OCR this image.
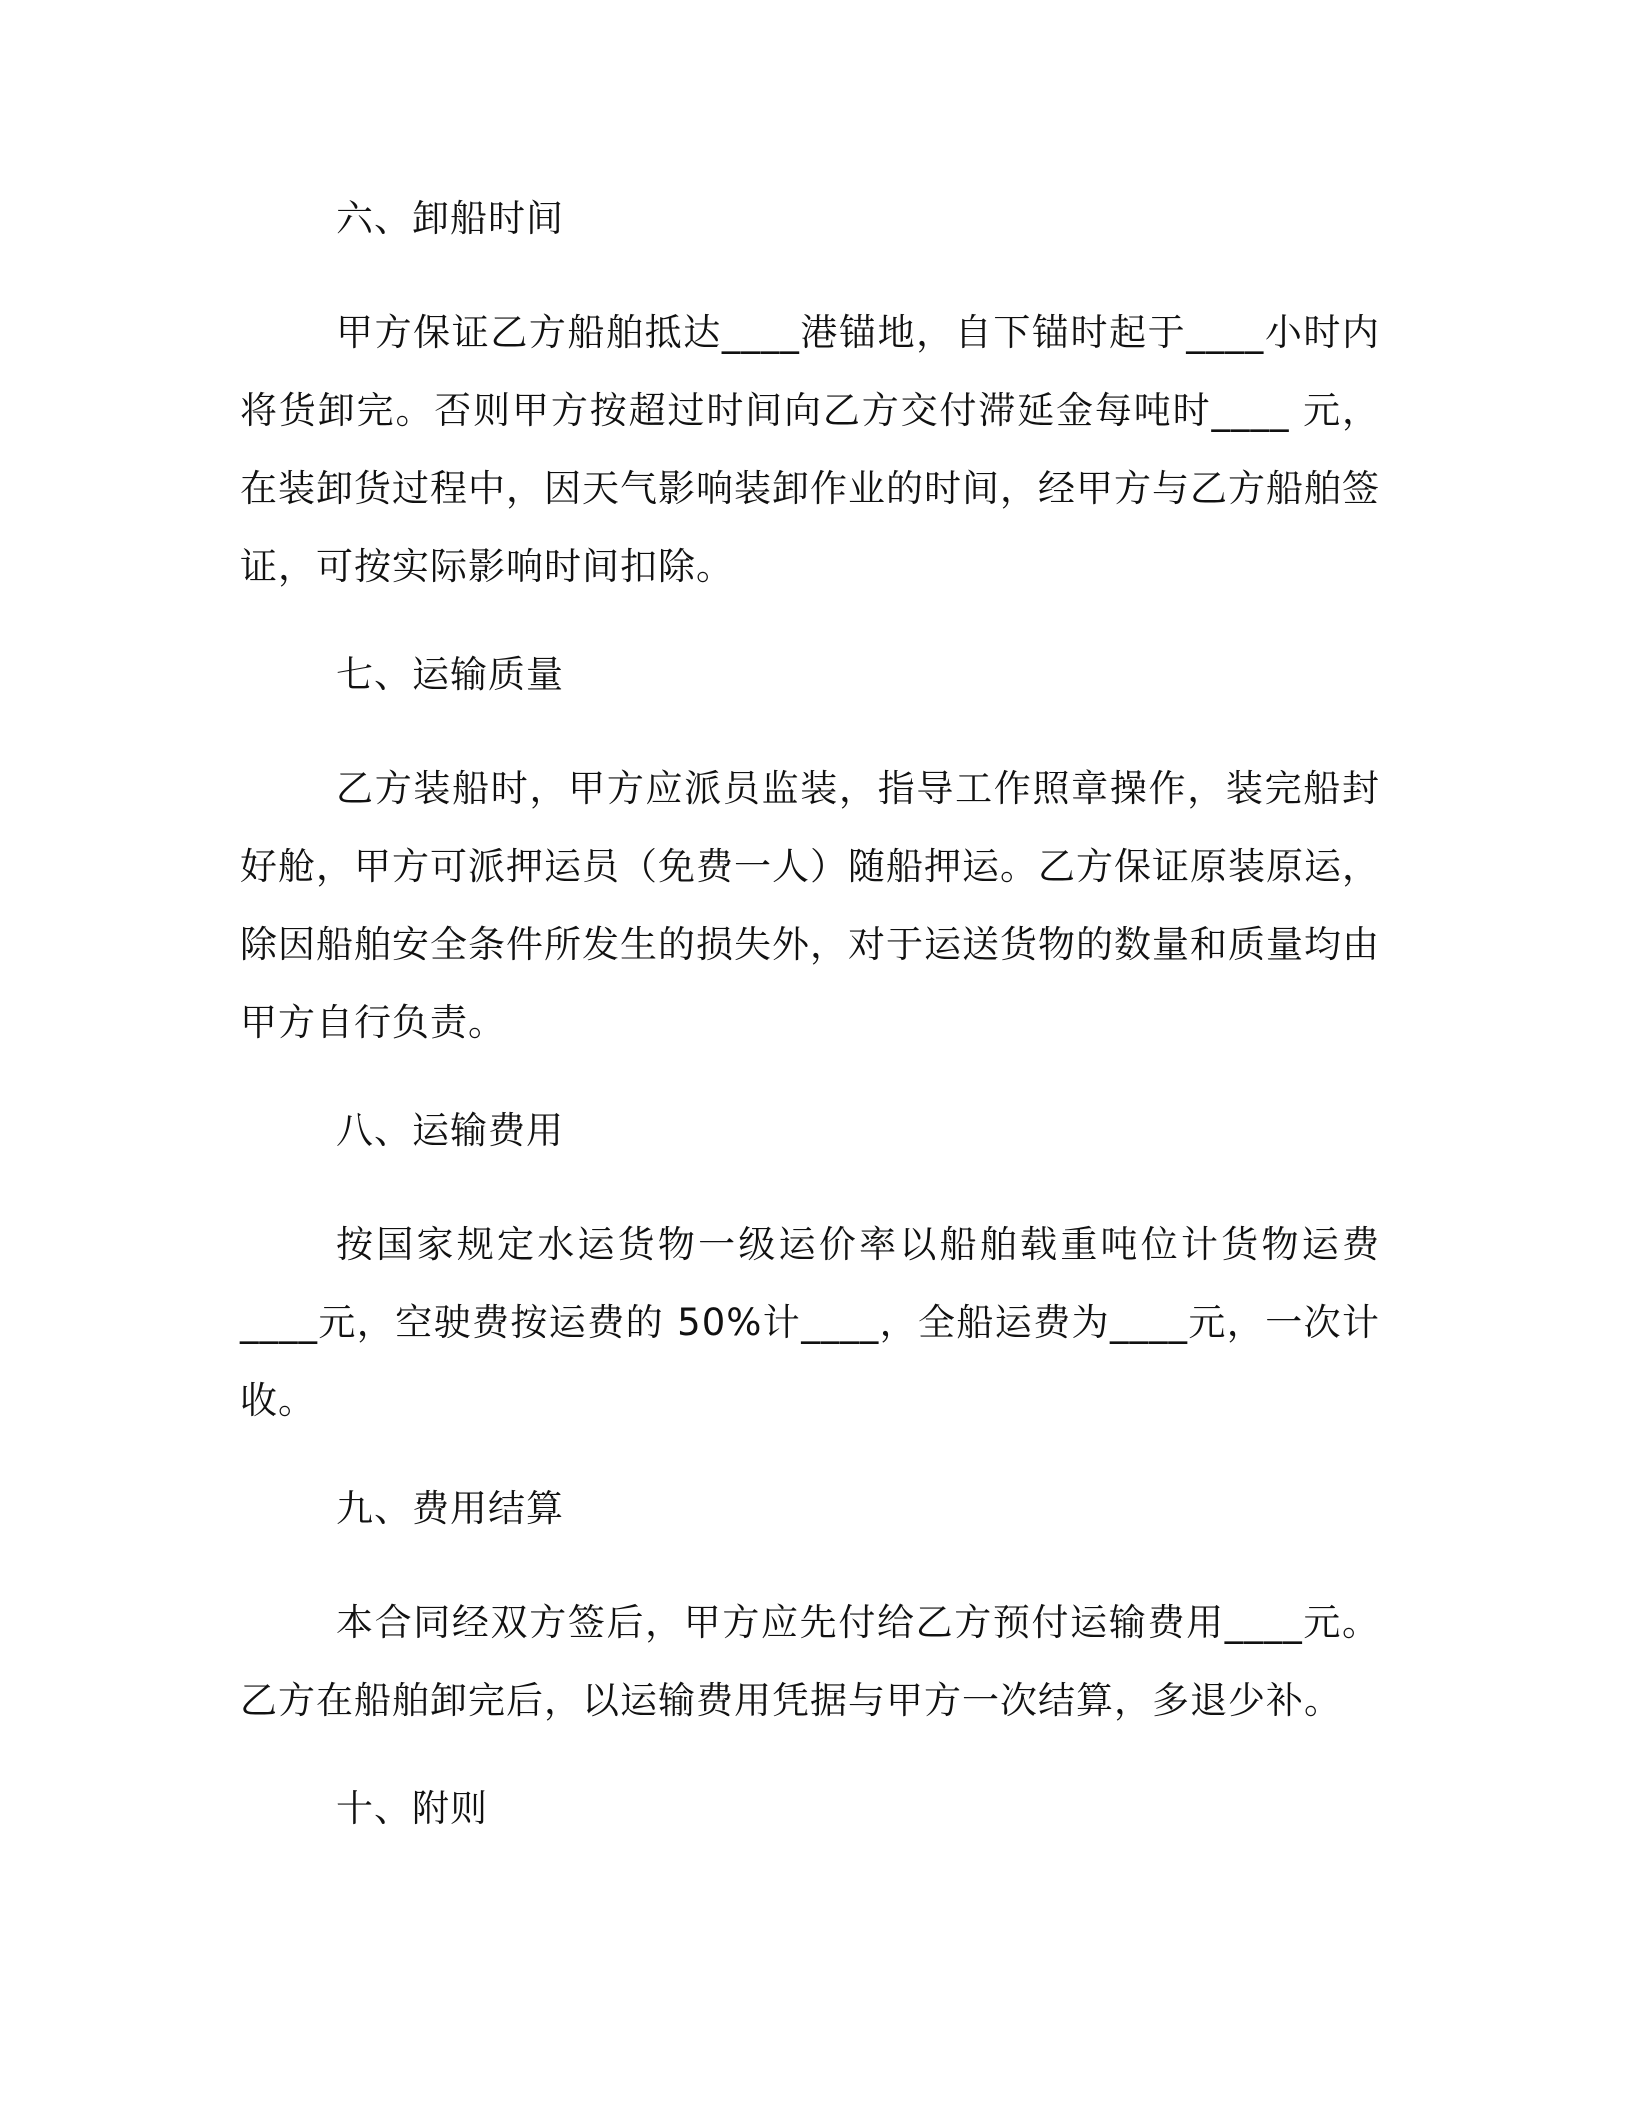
六、卸船时间

甲方保证乙方船舶抵达____港锚地，自下锚时起于____小时内将货卸完。否则甲方按超过时间向乙方交付滞延金每吨时____ 元，在装卸货过程中，因天气影响装卸作业的时间，经甲方与乙方船舶签证，可按实际影响时间扣除。

七、运输质量

乙方装船时，甲方应派员监装，指导工作照章操作，装完船封好舱，甲方可派押运员（免费一人）随船押运。乙方保证原装原运，除因船舶安全条件所发生的损失外，对于运送货物的数量和质量均由甲方自行负责。

八、运输费用

按国家规定水运货物一级运价率以船舶载重吨位计货物运费____元，空驶费按运费的 50%计____，全船运费为____元，一次计收。

九、费用结算

本合同经双方签后，甲方应先付给乙方预付运输费用____元。乙方在船舶卸完后，以运输费用凭据与甲方一次结算，多退少补。

十、附则
